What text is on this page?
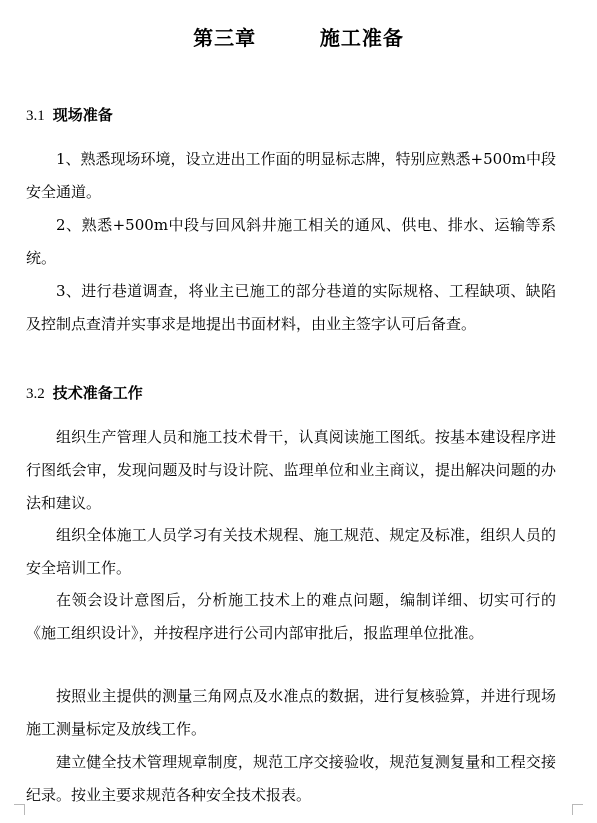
第三章        施工准备
3.1 现场准备
1、熟悉现场环境，设立进出工作面的明显标志牌，特别应熟悉+500m中段安全通道。
2、熟悉+500m中段与回风斜井施工相关的通风、供电、排水、运输等系统。
3、进行巷道调查，将业主已施工的部分巷道的实际规格、工程缺项、缺陷及控制点查清并实事求是地提出书面材料，由业主签字认可后备查。
3.2 技术准备工作
组织生产管理人员和施工技术骨干，认真阅读施工图纸。按基本建设程序进行图纸会审，发现问题及时与设计院、监理单位和业主商议，提出解决问题的办法和建议。
组织全体施工人员学习有关技术规程、施工规范、规定及标准，组织人员的安全培训工作。
在领会设计意图后，分析施工技术上的难点问题，编制详细、切实可行的《施工组织设计》，并按程序进行公司内部审批后，报监理单位批准。
按照业主提供的测量三角网点及水准点的数据，进行复核验算，并进行现场施工测量标定及放线工作。
建立健全技术管理规章制度，规范工序交接验收，规范复测复量和工程交接纪录。按业主要求规范各种安全技术报表。
